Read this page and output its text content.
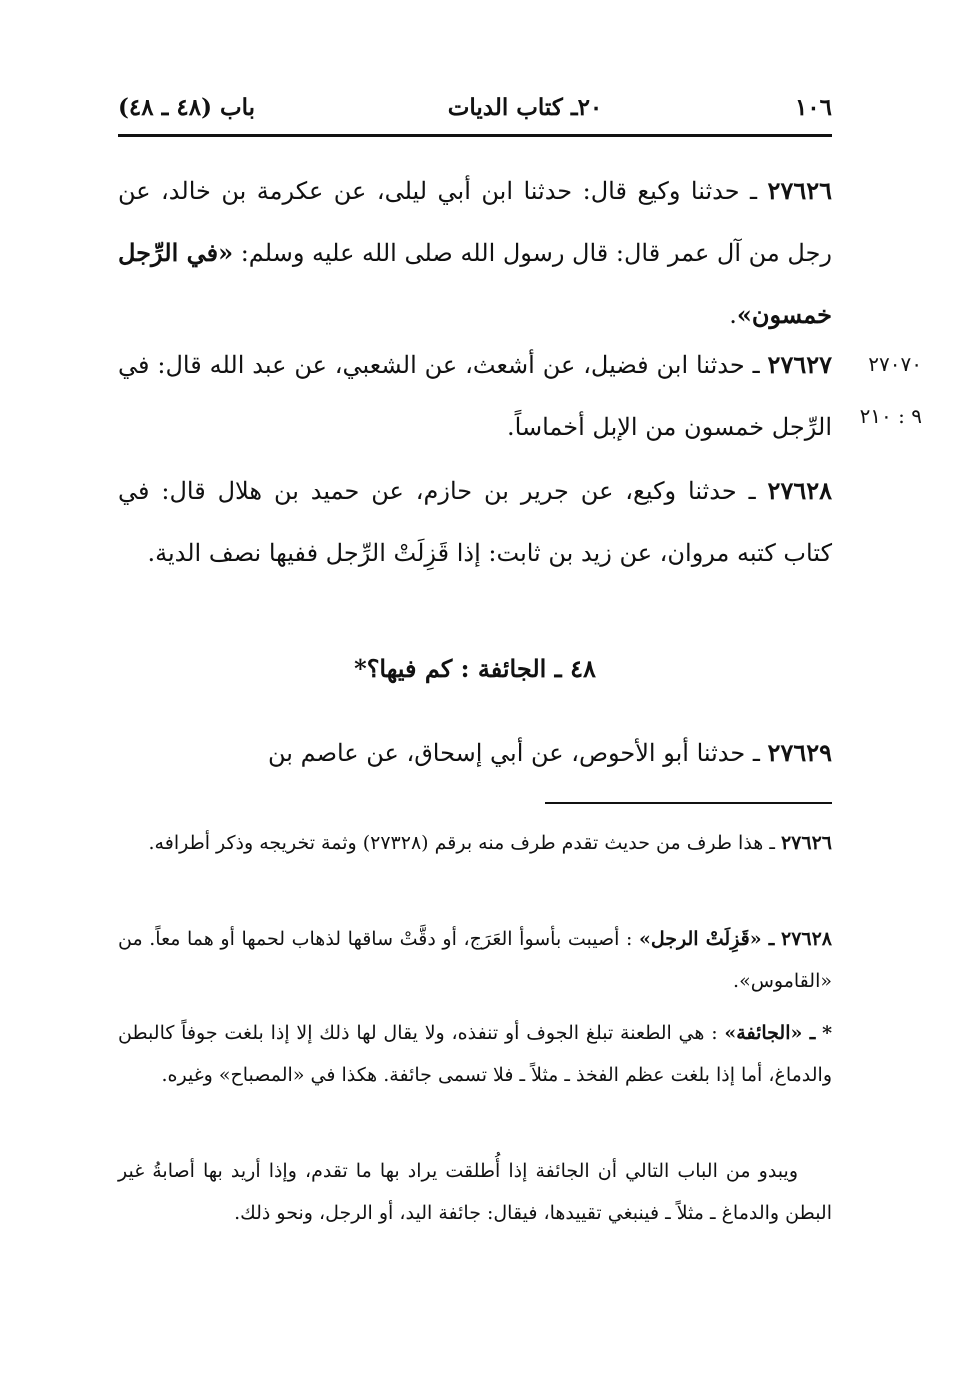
١٠٦
٢٠ـ كتاب الديات
باب (٤٨ ـ ٤٨)

٢٧٦٢٦ ـ حدثنا وكيع قال: حدثنا ابن أبي ليلى، عن عكرمة بن خالد، عن رجل من آل عمر قال: قال رسول الله صلى الله عليه وسلم: «في الرِّجل خمسون».

٢٧٠٧٠
٩ : ٢١٠

٢٧٦٢٧ ـ حدثنا ابن فضيل، عن أشعث، عن الشعبي، عن عبد الله قال: في الرِّجل خمسون من الإبل أخماساً.

٢٧٦٢٨ ـ حدثنا وكيع، عن جرير بن حازم، عن حميد بن هلال قال: في كتاب كتبه مروان، عن زيد بن ثابت: إذا قَزِلَتْ الرِّجل ففيها نصف الدية.

٤٨ ـ الجائفة : كم فيها؟*

٢٧٦٢٩ ـ حدثنا أبو الأحوص، عن أبي إسحاق، عن عاصم بن

٢٧٦٢٦ ـ هذا طرف من حديث تقدم طرف منه برقم (٢٧٣٢٨) وثمة تخريجه وذكر أطرافه.

٢٧٦٢٨ ـ «قَزِلَتْ الرجل» : أصيبت بأسوأ العَرَج، أو دقَّتْ ساقها لذهاب لحمها أو هما معاً. من «القاموس».

* ـ «الجائفة» : هي الطعنة تبلغ الجوف أو تنفذه، ولا يقال لها ذلك إلا إذا بلغت جوفاً كالبطن والدماغ، أما إذا بلغت عظم الفخذ ـ مثلاً ـ فلا تسمى جائفة. هكذا في «المصباح» وغيره.

ويبدو من الباب التالي أن الجائفة إذا أُطلقت يراد بها ما تقدم، وإذا أريد بها أصابةُ غير البطن والدماغ ـ مثلاً ـ فينبغي تقييدها، فيقال: جائفة اليد، أو الرجل، ونحو ذلك.
